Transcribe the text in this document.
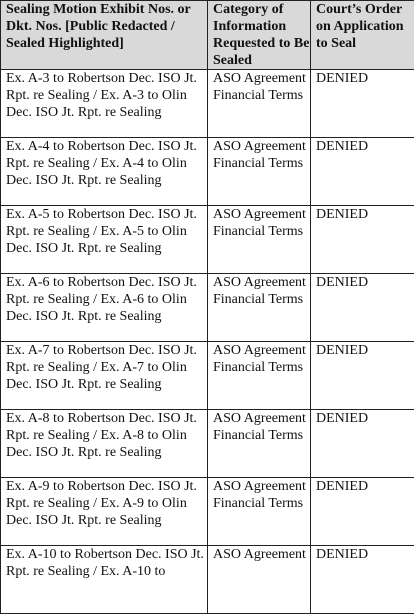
Sealing Motion Exhibit Nos. or Dkt. Nos. [Public Redacted / Sealed Highlighted]	Category of Information Requested to Be Sealed	Court’s Order on Application to Seal
Ex. A-3 to Robertson Dec. ISO Jt. Rpt. re Sealing / Ex. A-3 to Olin Dec. ISO Jt. Rpt. re Sealing	ASO Agreement Financial Terms	DENIED
Ex. A-4 to Robertson Dec. ISO Jt. Rpt. re Sealing / Ex. A-4 to Olin Dec. ISO Jt. Rpt. re Sealing	ASO Agreement Financial Terms	DENIED
Ex. A-5 to Robertson Dec. ISO Jt. Rpt. re Sealing / Ex. A-5 to Olin Dec. ISO Jt. Rpt. re Sealing	ASO Agreement Financial Terms	DENIED
Ex. A-6 to Robertson Dec. ISO Jt. Rpt. re Sealing / Ex. A-6 to Olin Dec. ISO Jt. Rpt. re Sealing	ASO Agreement Financial Terms	DENIED
Ex. A-7 to Robertson Dec. ISO Jt. Rpt. re Sealing / Ex. A-7 to Olin Dec. ISO Jt. Rpt. re Sealing	ASO Agreement Financial Terms	DENIED
Ex. A-8 to Robertson Dec. ISO Jt. Rpt. re Sealing / Ex. A-8 to Olin Dec. ISO Jt. Rpt. re Sealing	ASO Agreement Financial Terms	DENIED
Ex. A-9 to Robertson Dec. ISO Jt. Rpt. re Sealing / Ex. A-9 to Olin Dec. ISO Jt. Rpt. re Sealing	ASO Agreement Financial Terms	DENIED
Ex. A-10 to Robertson Dec. ISO Jt. Rpt. re Sealing / Ex. A-10 to	ASO Agreement	DENIED
